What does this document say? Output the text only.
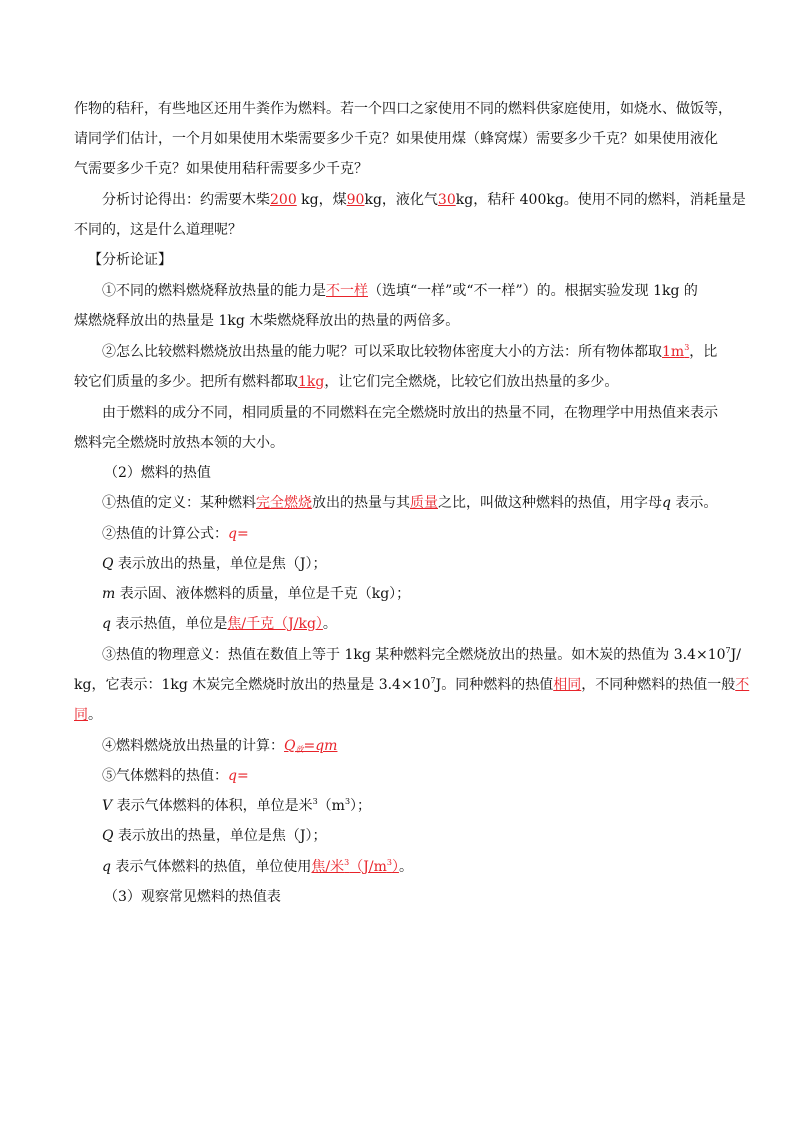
作物的秸秆，有些地区还用牛粪作为燃料。若一个四口之家使用不同的燃料供家庭使用，如烧水、做饭等，
请同学们估计，一个月如果使用木柴需要多少千克？如果使用煤（蜂窝煤）需要多少千克？如果使用液化
气需要多少千克？如果使用秸秆需要多少千克？
分析讨论得出：约需要木柴200 kg，煤90kg，液化气30kg，秸秆 400kg。使用不同的燃料，消耗量是
不同的，这是什么道理呢？
【分析论证】
①不同的燃料燃烧释放热量的能力是不一样（选填“一样”或“不一样”）的。根据实验发现 1kg 的
煤燃烧释放出的热量是 1kg 木柴燃烧释放出的热量的两倍多。
②怎么比较燃料燃烧放出热量的能力呢？可以采取比较物体密度大小的方法：所有物体都取$1m^3$，比
较它们质量的多少。把所有燃料都取1kg，让它们完全燃烧，比较它们放出热量的多少。
由于燃料的成分不同，相同质量的不同燃料在完全燃烧时放出的热量不同，在物理学中用热值来表示
燃料完全燃烧时放热本领的大小。
（2）燃料的热值
①热值的定义：某种燃料完全燃烧放出的热量与其质量之比，叫做这种燃料的热值，用字母q 表示。
②热值的计算公式：q=
Q 表示放出的热量，单位是焦（J）；
m 表示固、液体燃料的质量，单位是千克（kg）；
q 表示热值，单位是焦/千克（J/kg）。
③热值的物理意义：热值在数值上等于 1kg 某种燃料完全燃烧放出的热量。如木炭的热值为 $3.4\times 10^7J/$
kg，它表示：1kg 木炭完全燃烧时放出的热量是 $3.4\times 10^7J$。同种燃料的热值相同，不同种燃料的热值一般不
同。
④燃料燃烧放出热量的计算：$Q_放=qm$
⑤气体燃料的热值：q=
V 表示气体燃料的体积，单位是米$^3(m^3)$；
Q 表示放出的热量，单位是焦（J）；
q 表示气体燃料的热值，单位使用焦/米$^3(J/m^3)$。
（3）观察常见燃料的热值表
